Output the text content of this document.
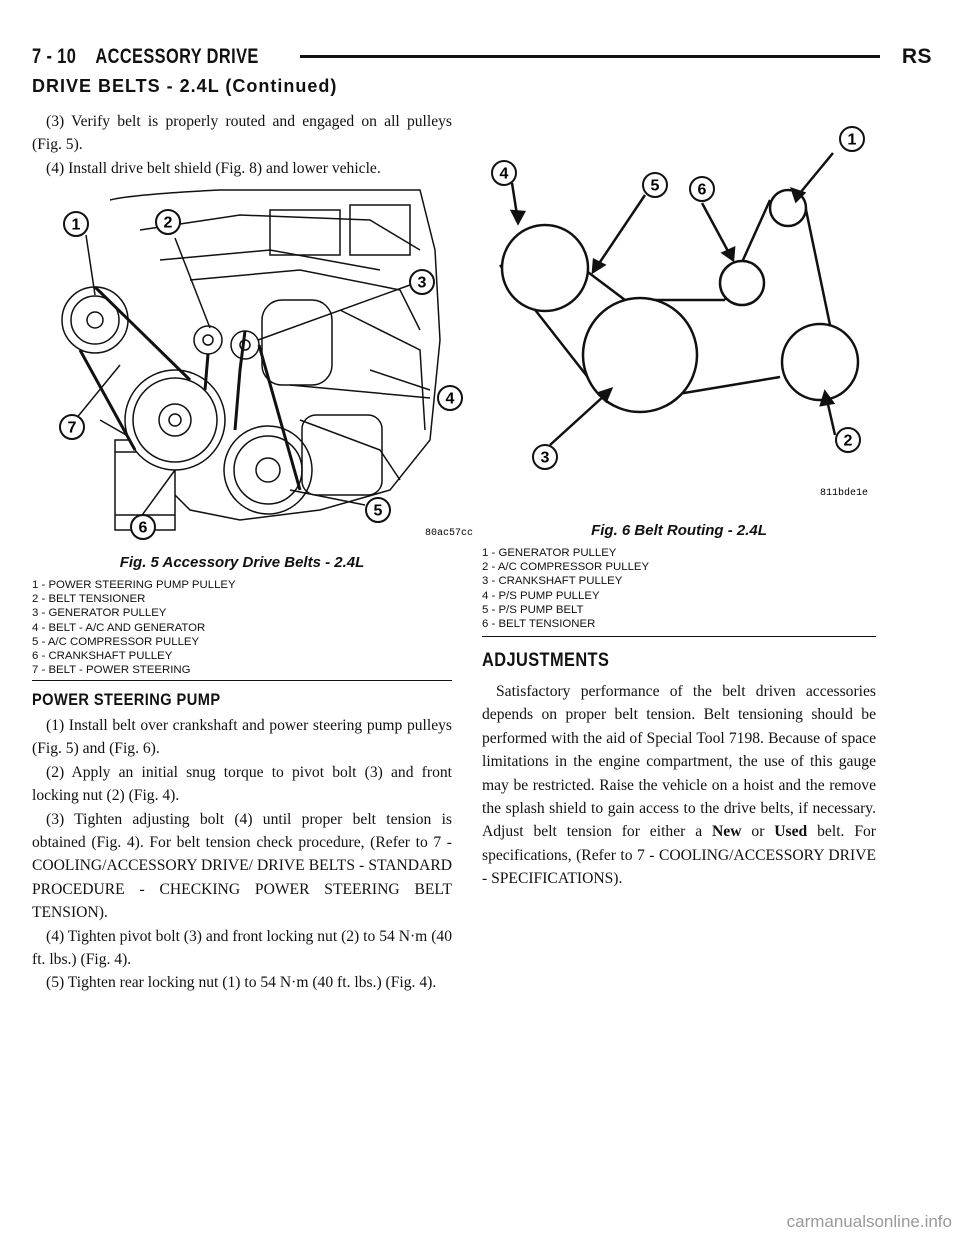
7 - 10    ACCESSORY DRIVE	RS
DRIVE BELTS - 2.4L (Continued)

(3) Verify belt is properly routed and engaged on all pulleys (Fig. 5).

(4) Install drive belt shield (Fig. 8) and lower vehicle.

1	2
3
4
5
6
7
80ac57cc
Fig. 5 Accessory Drive Belts - 2.4L
1 - POWER STEERING PUMP PULLEY
2 - BELT TENSIONER
3 - GENERATOR PULLEY
4 - BELT - A/C AND GENERATOR
5 - A/C COMPRESSOR PULLEY
6 - CRANKSHAFT PULLEY
7 - BELT - POWER STEERING
POWER STEERING PUMP

(1) Install belt over crankshaft and power steering pump pulleys (Fig. 5) and (Fig. 6).

(2) Apply an initial snug torque to pivot bolt (3) and front locking nut (2) (Fig. 4).

(3) Tighten adjusting bolt (4) until proper belt tension is obtained (Fig. 4). For belt tension check procedure, (Refer to 7 - COOLING/ACCESSORY DRIVE/ DRIVE BELTS - STANDARD PROCEDURE - CHECKING POWER STEERING BELT TENSION).

(4) Tighten pivot bolt (3) and front locking nut (2) to 54 N·m (40 ft. lbs.) (Fig. 4).

(5) Tighten rear locking nut (1) to 54 N·m (40 ft. lbs.) (Fig. 4).

1
2
3
4
5 6
811bde1e
Fig. 6 Belt Routing - 2.4L
1 - GENERATOR PULLEY
2 - A/C COMPRESSOR PULLEY
3 - CRANKSHAFT PULLEY
4 - P/S PUMP PULLEY
5 - P/S PUMP BELT
6 - BELT TENSIONER
ADJUSTMENTS

Satisfactory performance of the belt driven accessories depends on proper belt tension. Belt tensioning should be performed with the aid of Special Tool 7198. Because of space limitations in the engine compartment, the use of this gauge may be restricted. Raise the vehicle on a hoist and the remove the splash shield to gain access to the drive belts, if necessary. Adjust belt tension for either a New or Used belt. For specifications, (Refer to 7 - COOLING/ACCESSORY DRIVE - SPECIFICATIONS).

carmanualsonline.info
